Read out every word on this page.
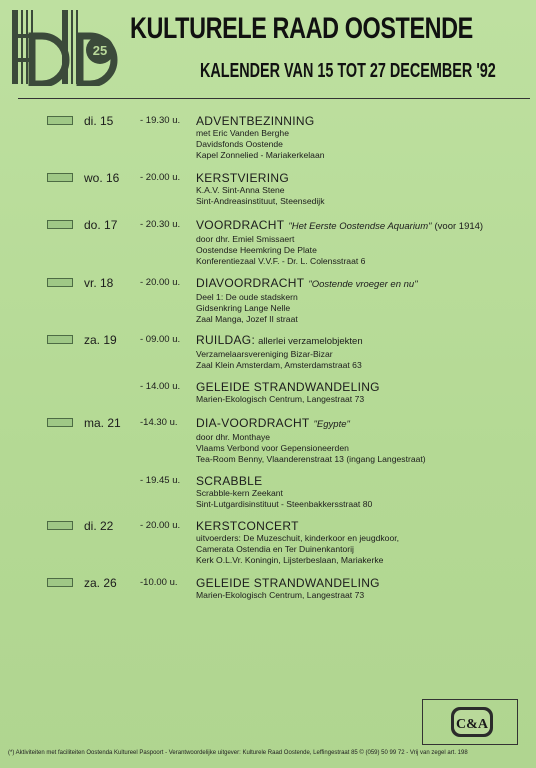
25
KULTURELE RAAD OOSTENDE
KALENDER VAN 15 TOT 27 DECEMBER '92
di. 15	- 19.30 u. ADVENTBEZINNING
met Eric Vanden Berghe
Davidsfonds Oostende
Kapel Zonnelied - Mariakerkelaan
wo. 16 - 20.00 u. KERSTVIERING
K.A.V. Sint-Anna Stene
Sint-Andreasinstituut, Steensedijk
do. 17 - 20.30 u. VOORDRACHT "Het Eerste Oostendse Aquarium" (voor 1914)
door dhr. Emiel Smissaert
Oostendse Heemkring De Plate
Konferentiezaal V.V.F. - Dr. L. Colensstraat 6
vr. 18	- 20.00 u. DIAVOORDRACHT "Oostende vroeger en nu"
Deel 1: De oude stadskern
Gidsenkring Lange Nelle
Zaal Manga, Jozef II straat
za. 19 - 09.00 u. RUILDAG: allerlei verzamelobjekten
Verzamelaarsvereniging Bizar-Bizar
Zaal Klein Amsterdam, Amsterdamstraat 63
- 14.00 u. GELEIDE STRANDWANDELING
Marien-Ekologisch Centrum, Langestraat 73
ma. 21 -14.30 u. DIA-VOORDRACHT "Egypte"
door dhr. Monthaye
Vlaams Verbond voor Gepensioneerden
Tea-Room Benny, Vlaanderenstraat 13 (ingang Langestraat)
- 19.45 u. SCRABBLE
Scrabble-kern Zeekant
Sint-Lutgardisinstituut - Steenbakkersstraat 80
di. 22	- 20.00 u. KERSTCONCERT
uitvoerders: De Muzeschuit, kinderkoor en jeugdkoor,
Camerata Ostendia en Ter Duinenkantorij
Kerk O.L.Vr. Koningin, Lijsterbeslaan, Mariakerke
za. 26 -10.00 u. GELEIDE STRANDWANDELING
Marien-Ekologisch Centrum, Langestraat 73
C&A
(*) Aktiviteiten met faciliteiten Oostenda Kultureel Paspoort - Verantwoordelijke uitgever: Kulturele Raad Oostende, Leffingestraat 85 © (059) 50 99 72 - Vrij van zegel art. 198
